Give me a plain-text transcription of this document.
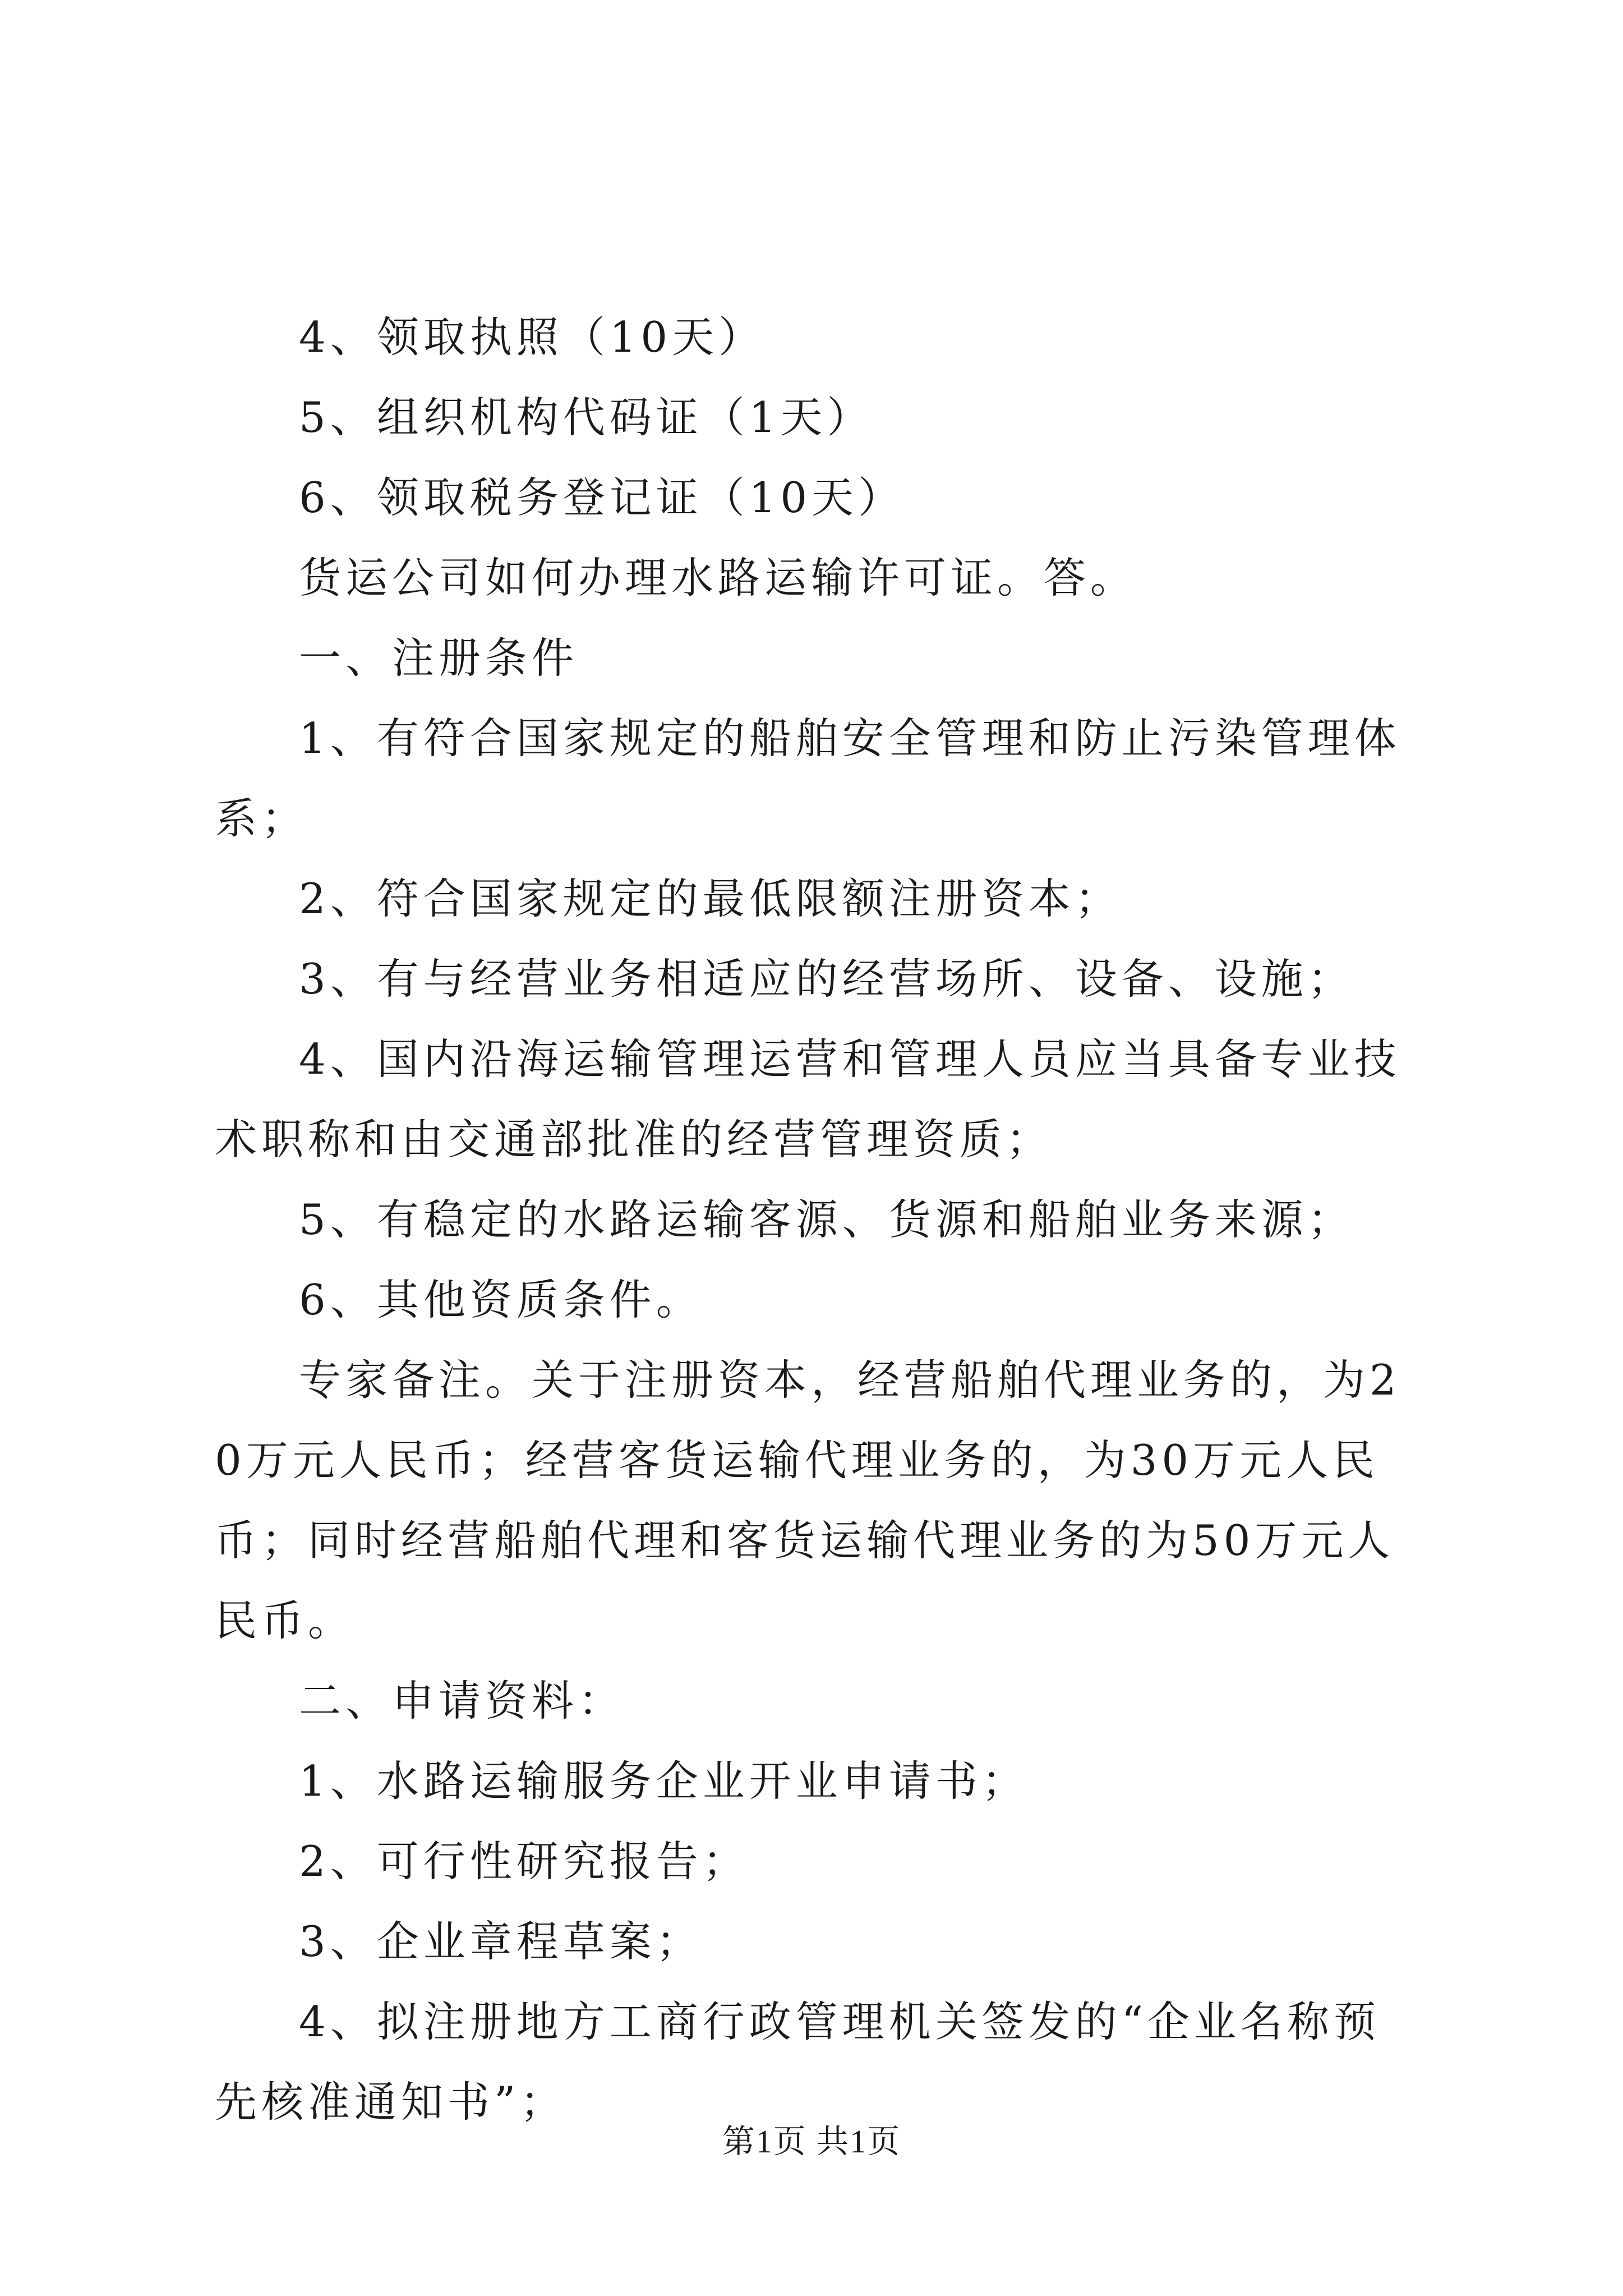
4、领取执照（10天）

5、组织机构代码证（1天）

6、领取税务登记证（10天）

货运公司如何办理水路运输许可证。答。

一、注册条件

1、有符合国家规定的船舶安全管理和防止污染管理体系；

2、符合国家规定的最低限额注册资本；

3、有与经营业务相适应的经营场所、设备、设施；

4、国内沿海运输管理运营和管理人员应当具备专业技术职称和由交通部批准的经营管理资质；

5、有稳定的水路运输客源、货源和船舶业务来源；

6、其他资质条件。

专家备注。关于注册资本，经营船舶代理业务的，为20万元人民币；经营客货运输代理业务的，为30万元人民币；同时经营船舶代理和客货运输代理业务的为50万元人民币。

二、申请资料：

1、水路运输服务企业开业申请书；

2、可行性研究报告；

3、企业章程草案；

4、拟注册地方工商行政管理机关签发的“企业名称预先核准通知书”；

第1页 共1页
